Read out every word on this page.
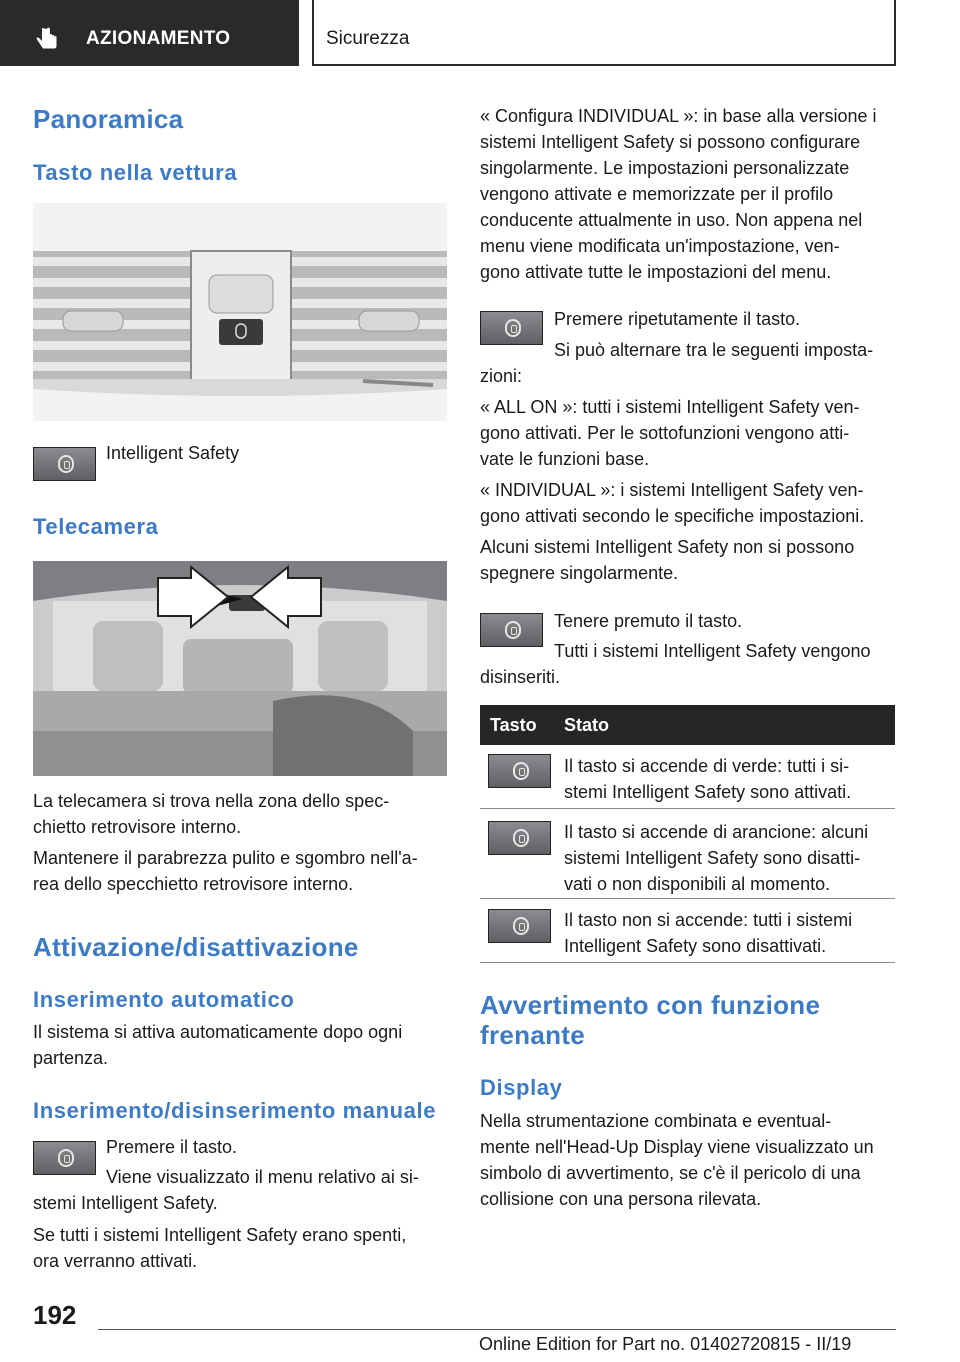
AZIONAMENTO	Sicurezza
Panoramica
Tasto nella vettura
Intelligent Safety
Telecamera
La telecamera si trova nella zona dello spec-
chietto retrovisore interno.
Mantenere il parabrezza pulito e sgombro nell'a-
rea dello specchietto retrovisore interno.
Attivazione/disattivazione
Inserimento automatico
Il sistema si attiva automaticamente dopo ogni
partenza.
Inserimento/disinserimento manuale
Premere il tasto.
Viene visualizzato il menu relativo ai si-
stemi Intelligent Safety.
Se tutti i sistemi Intelligent Safety erano spenti,
ora verranno attivati.
« Configura INDIVIDUAL »: in base alla versione i
sistemi Intelligent Safety si possono configurare
singolarmente. Le impostazioni personalizzate
vengono attivate e memorizzate per il profilo
conducente attualmente in uso. Non appena nel
menu viene modificata un'impostazione, ven-
gono attivate tutte le impostazioni del menu.
Premere ripetutamente il tasto.
Si può alternare tra le seguenti imposta-
zioni:
« ALL ON »: tutti i sistemi Intelligent Safety ven-
gono attivati. Per le sottofunzioni vengono atti-
vate le funzioni base.
« INDIVIDUAL »: i sistemi Intelligent Safety ven-
gono attivati secondo le specifiche impostazioni.
Alcuni sistemi Intelligent Safety non si possono
spegnere singolarmente.
Tenere premuto il tasto.
Tutti i sistemi Intelligent Safety vengono
disinseriti.
Tasto Stato
Il tasto si accende di verde: tutti i si-
stemi Intelligent Safety sono attivati.
Il tasto si accende di arancione: alcuni
sistemi Intelligent Safety sono disatti-
vati o non disponibili al momento.
Il tasto non si accende: tutti i sistemi
Intelligent Safety sono disattivati.
Avvertimento con funzione
frenante
Display
Nella strumentazione combinata e eventual-
mente nell'Head-Up Display viene visualizzato un
simbolo di avvertimento, se c'è il pericolo di una
collisione con una persona rilevata.
192
Online Edition for Part no. 01402720815 - II/19
